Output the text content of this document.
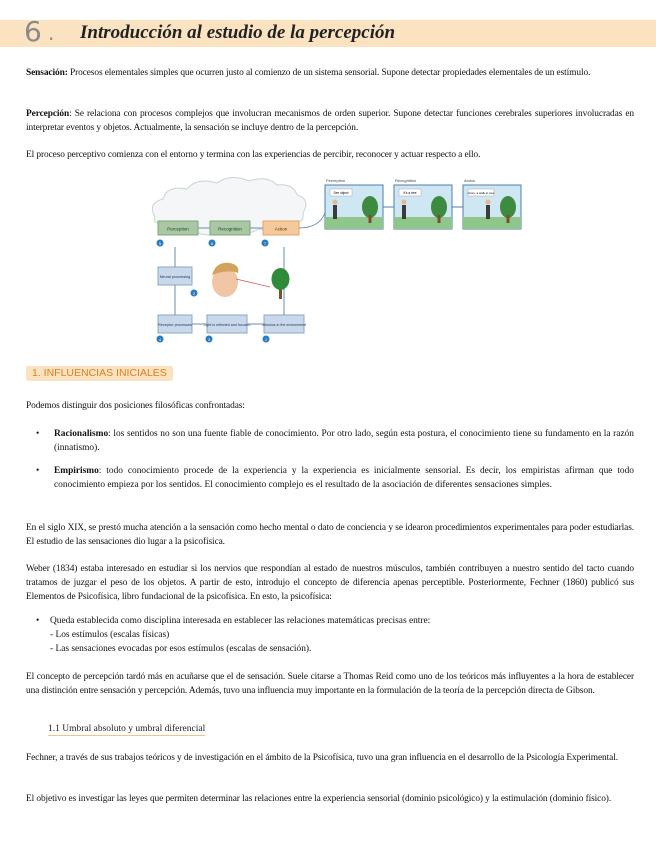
6 . Introducción al estudio de la percepción

Sensación: Procesos elementales simples que ocurren justo al comienzo de un sistema sensorial. Supone detectar propiedades elementales de un estímulo.

Percepción: Se relaciona con procesos complejos que involucran mecanismos de orden superior. Supone detectar funciones cerebrales superiores involucradas en interpretar eventos y objetos. Actualmente, la sensación se incluye dentro de la percepción.

El proceso perceptivo comienza con el entorno y termina con las experiencias de percibir, reconocer y actuar respecto a ello.

Perception	Recognition	Action
5	6	7
Neural processing
Receptor processes	Light is reflected and focused	Stimulus in the environment
4	3	1
2
See object
Perception
It's a tree
Recognition
Hmm, a walk to tree
Action
1. INFLUENCIAS INICIALES

Podemos distinguir dos posiciones filosóficas confrontadas:

• Racionalismo: los sentidos no son una fuente fiable de conocimiento. Por otro lado, según esta postura, el conocimiento tiene su fundamento en la razón (innatismo).
• Empirismo: todo conocimiento procede de la experiencia y la experiencia es inicialmente sensorial. Es decir, los empiristas afirman que todo conocimiento empieza por los sentidos. El conocimiento complejo es el resultado de la asociación de diferentes sensaciones simples.

En el siglo XIX, se prestó mucha atención a la sensación como hecho mental o dato de conciencia y se idearon procedimientos experimentales para poder estudiarlas. El estudio de las sensaciones dio lugar a la psicofísica.

Weber (1834) estaba interesado en estudiar si los nervios que respondían al estado de nuestros músculos, también contribuyen a nuestro sentido del tacto cuando tratamos de juzgar el peso de los objetos. A partir de esto, introdujo el concepto de diferencia apenas perceptible. Posteriormente, Fechner (1860) publicó sus Elementos de Psicofísica, libro fundacional de la psicofísica. En esto, la psicofísica:

• Queda establecida como disciplina interesada en establecer las relaciones matemáticas precisas entre:
- Los estímulos (escalas físicas)
- Las sensaciones evocadas por esos estímulos (escalas de sensación).

El concepto de percepción tardó más en acuñarse que el de sensación. Suele citarse a Thomas Reid como uno de los teóricos más influyentes a la hora de establecer una distinción entre sensación y percepción. Además, tuvo una influencia muy importante en la formulación de la teoría de la percepción directa de Gibson.

1.1 Umbral absoluto y umbral diferencial

Fechner, a través de sus trabajos teóricos y de investigación en el ámbito de la Psicofísica, tuvo una gran influencia en el desarrollo de la Psicología Experimental.

El objetivo es investigar las leyes que permiten determinar las relaciones entre la experiencia sensorial (dominio psicológico) y la estimulación (dominio físico).
